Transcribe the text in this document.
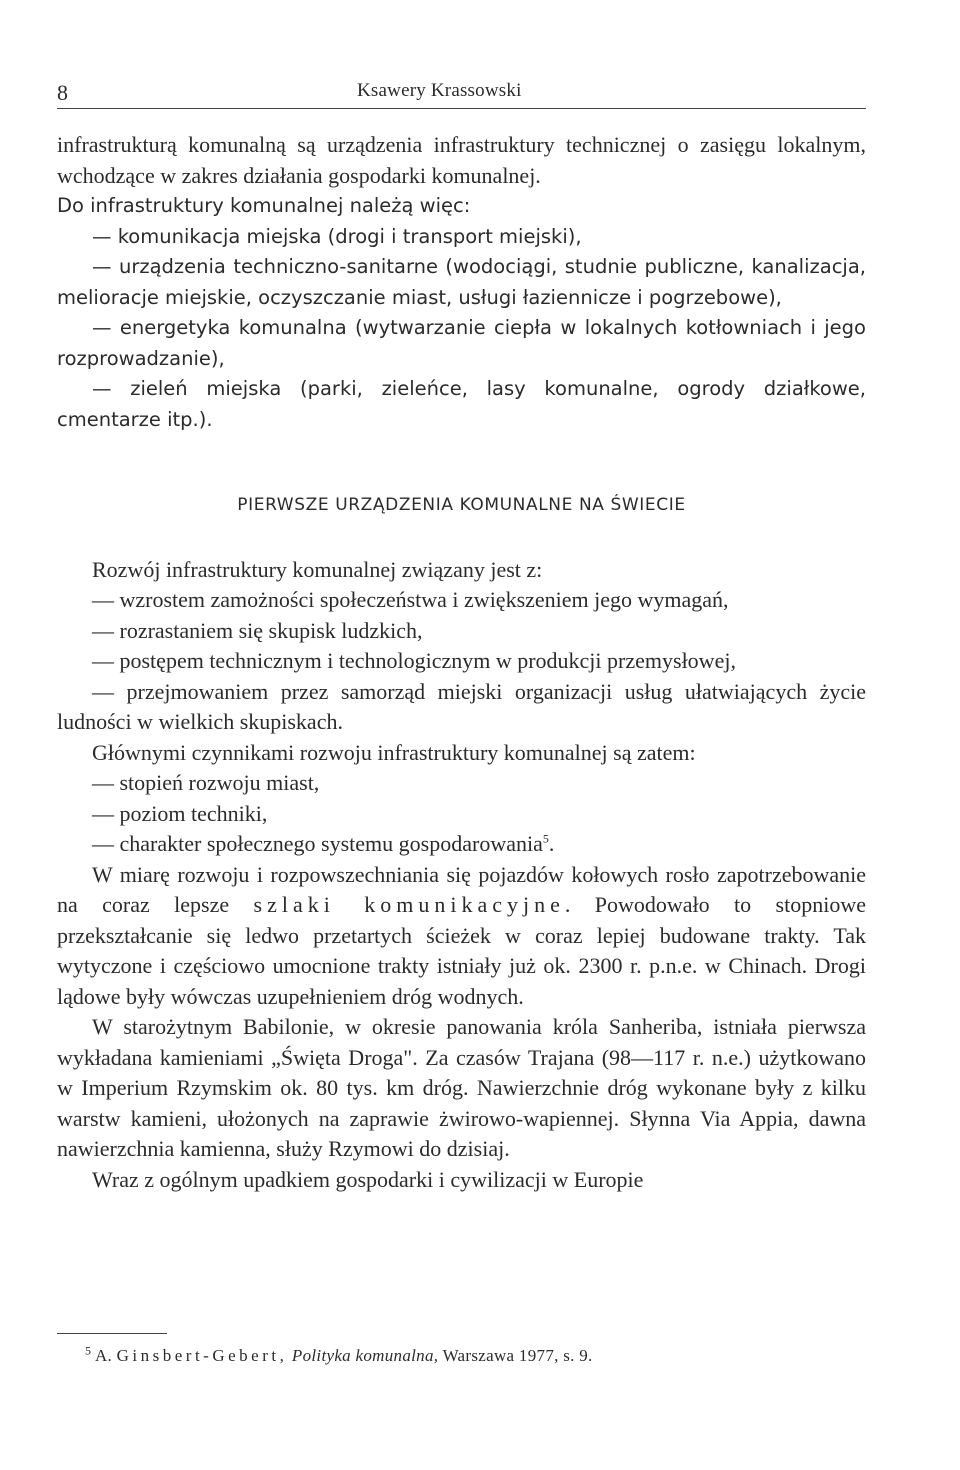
8	Ksawery Krassowski

infrastrukturą komunalną są urządzenia infrastruktury technicznej o zasięgu lokalnym, wchodzące w zakres działania gospodarki komunalnej.

Do infrastruktury komunalnej należą więc:

— komunikacja miejska (drogi i transport miejski),

— urządzenia techniczno-sanitarne (wodociągi, studnie publiczne, kanalizacja, melioracje miejskie, oczyszczanie miast, usługi łaziennicze i pogrzebowe),

— energetyka komunalna (wytwarzanie ciepła w lokalnych kotłowniach i jego rozprowadzanie),

— zieleń miejska (parki, zieleńce, lasy komunalne, ogrody działkowe, cmentarze itp.).

PIERWSZE URZĄDZENIA KOMUNALNE NA ŚWIECIE

Rozwój infrastruktury komunalnej związany jest z:

— wzrostem zamożności społeczeństwa i zwiększeniem jego wymagań,

— rozrastaniem się skupisk ludzkich,

— postępem technicznym i technologicznym w produkcji przemysłowej,

— przejmowaniem przez samorząd miejski organizacji usług ułatwiających życie ludności w wielkich skupiskach.

Głównymi czynnikami rozwoju infrastruktury komunalnej są zatem:

— stopień rozwoju miast,

— poziom techniki,

— charakter społecznego systemu gospodarowania$^5$.

W miarę rozwoju i rozpowszechniania się pojazdów kołowych rosło zapotrzebowanie na coraz lepsze szlaki komunikacyjne. Powodowało to stopniowe przekształcanie się ledwo przetartych ścieżek w coraz lepiej budowane trakty. Tak wytyczone i częściowo umocnione trakty istniały już ok. 2300 r. p.n.e. w Chinach. Drogi lądowe były wówczas uzupełnieniem dróg wodnych.

W starożytnym Babilonie, w okresie panowania króla Sanheriba, istniała pierwsza wykładana kamieniami „Święta Droga". Za czasów Trajana (98—117 r. n.e.) użytkowano w Imperium Rzymskim ok. 80 tys. km dróg. Nawierzchnie dróg wykonane były z kilku warstw kamieni, ułożonych na zaprawie żwirowo-wapiennej. Słynna Via Appia, dawna nawierzchnia kamienna, służy Rzymowi do dzisiaj.

Wraz z ogólnym upadkiem gospodarki i cywilizacji w Europie

$^5$ A. Ginsbert-Gebert, Polityka komunalna, Warszawa 1977, s. 9.
